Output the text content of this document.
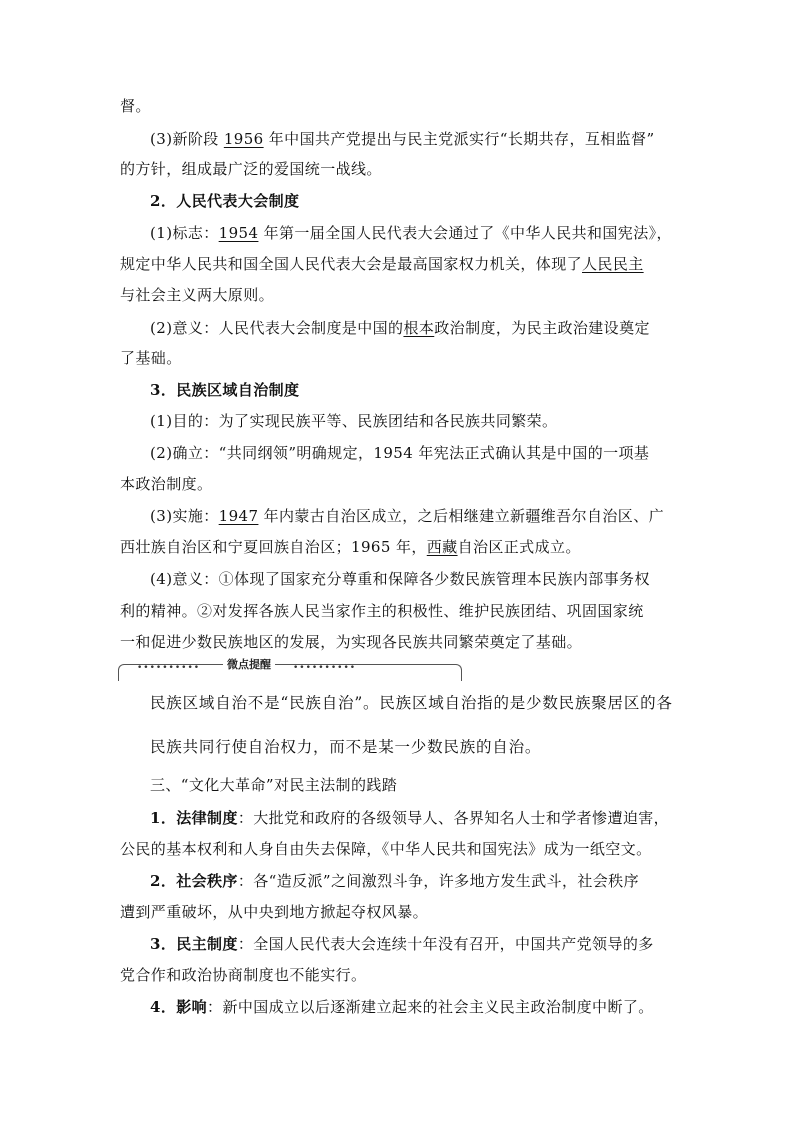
督。
(3)新阶段 1956 年中国共产党提出与民主党派实行“长期共存，互相监督”
的方针，组成最广泛的爱国统一战线。
2．人民代表大会制度
(1)标志：1954 年第一届全国人民代表大会通过了《中华人民共和国宪法》，
规定中华人民共和国全国人民代表大会是最高国家权力机关，体现了人民民主
与社会主义两大原则。
(2)意义：人民代表大会制度是中国的根本政治制度，为民主政治建设奠定
了基础。
3．民族区域自治制度
(1)目的：为了实现民族平等、民族团结和各民族共同繁荣。
(2)确立：“共同纲领”明确规定，1954 年宪法正式确认其是中国的一项基
本政治制度。
(3)实施：1947 年内蒙古自治区成立，之后相继建立新疆维吾尔自治区、广
西壮族自治区和宁夏回族自治区；1965 年，西藏自治区正式成立。
(4)意义：①体现了国家充分尊重和保障各少数民族管理本民族内部事务权
利的精神。②对发挥各族人民当家作主的积极性、维护民族团结、巩固国家统
一和促进少数民族地区的发展，为实现各民族共同繁荣奠定了基础。
••••••••••	微点提醒	••••••••••
民族区域自治不是“民族自治”。民族区域自治指的是少数民族聚居区的各
民族共同行使自治权力，而不是某一少数民族的自治。
三、“文化大革命”对民主法制的践踏
1．法律制度：大批党和政府的各级领导人、各界知名人士和学者惨遭迫害，
公民的基本权利和人身自由失去保障，《中华人民共和国宪法》成为一纸空文。
2．社会秩序：各“造反派”之间激烈斗争，许多地方发生武斗，社会秩序
遭到严重破坏，从中央到地方掀起夺权风暴。
3．民主制度：全国人民代表大会连续十年没有召开，中国共产党领导的多
党合作和政治协商制度也不能实行。
4．影响：新中国成立以后逐渐建立起来的社会主义民主政治制度中断了。
